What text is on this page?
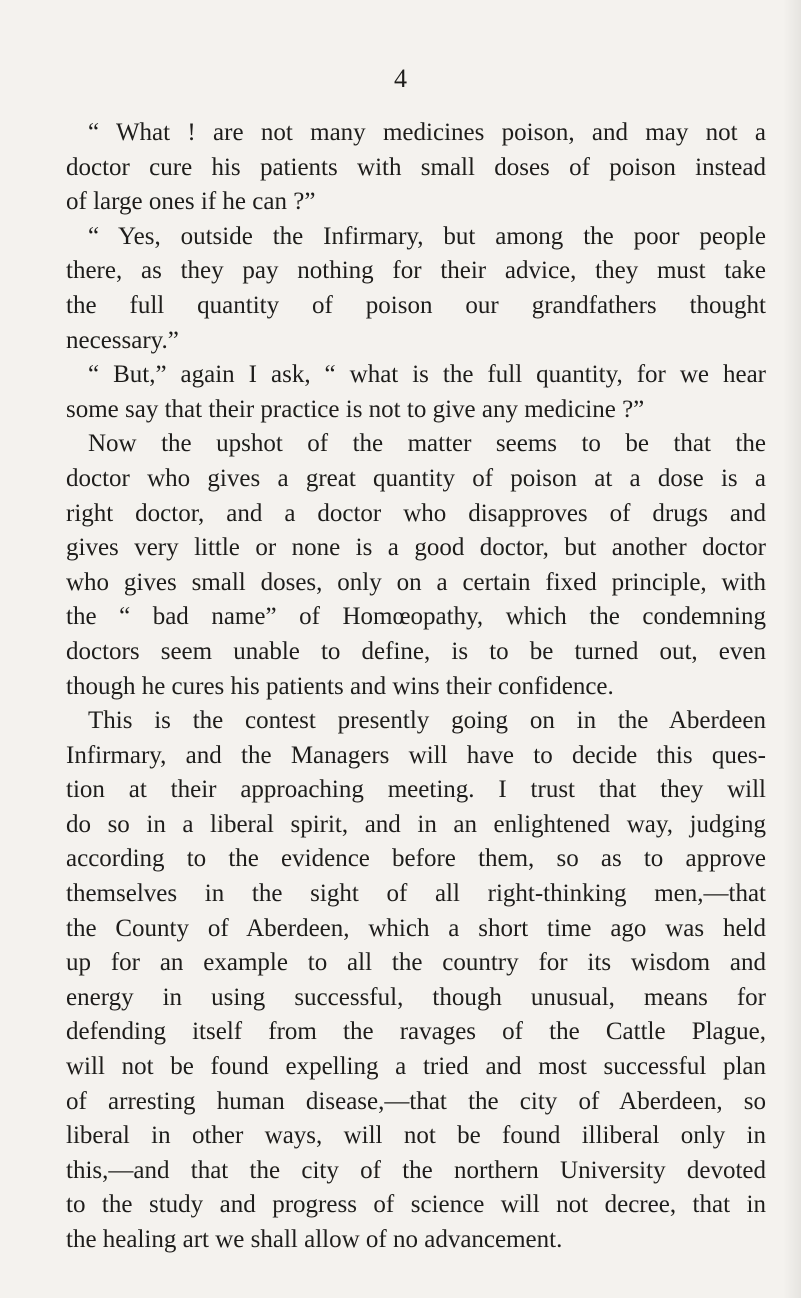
4
“ What ! are not many medicines poison, and may not a
doctor cure his patients with small doses of poison instead
of large ones if he can ?”
“ Yes, outside the Infirmary, but among the poor people
there, as they pay nothing for their advice, they must take
the full quantity of poison our grandfathers thought
necessary.”
“ But,” again I ask, “ what is the full quantity, for we hear
some say that their practice is not to give any medicine ?”
Now the upshot of the matter seems to be that the
doctor who gives a great quantity of poison at a dose is a
right doctor, and a doctor who disapproves of drugs and
gives very little or none is a good doctor, but another doctor
who gives small doses, only on a certain fixed principle, with
the “ bad name” of Homœopathy, which the condemning
doctors seem unable to define, is to be turned out, even
though he cures his patients and wins their confidence.
This is the contest presently going on in the Aberdeen
Infirmary, and the Managers will have to decide this ques-
tion at their approaching meeting. I trust that they will
do so in a liberal spirit, and in an enlightened way, judging
according to the evidence before them, so as to approve
themselves in the sight of all right-thinking men,—that
the County of Aberdeen, which a short time ago was held
up for an example to all the country for its wisdom and
energy in using successful, though unusual, means for
defending itself from the ravages of the Cattle Plague,
will not be found expelling a tried and most successful plan
of arresting human disease,—that the city of Aberdeen, so
liberal in other ways, will not be found illiberal only in
this,—and that the city of the northern University devoted
to the study and progress of science will not decree, that in
the healing art we shall allow of no advancement.
